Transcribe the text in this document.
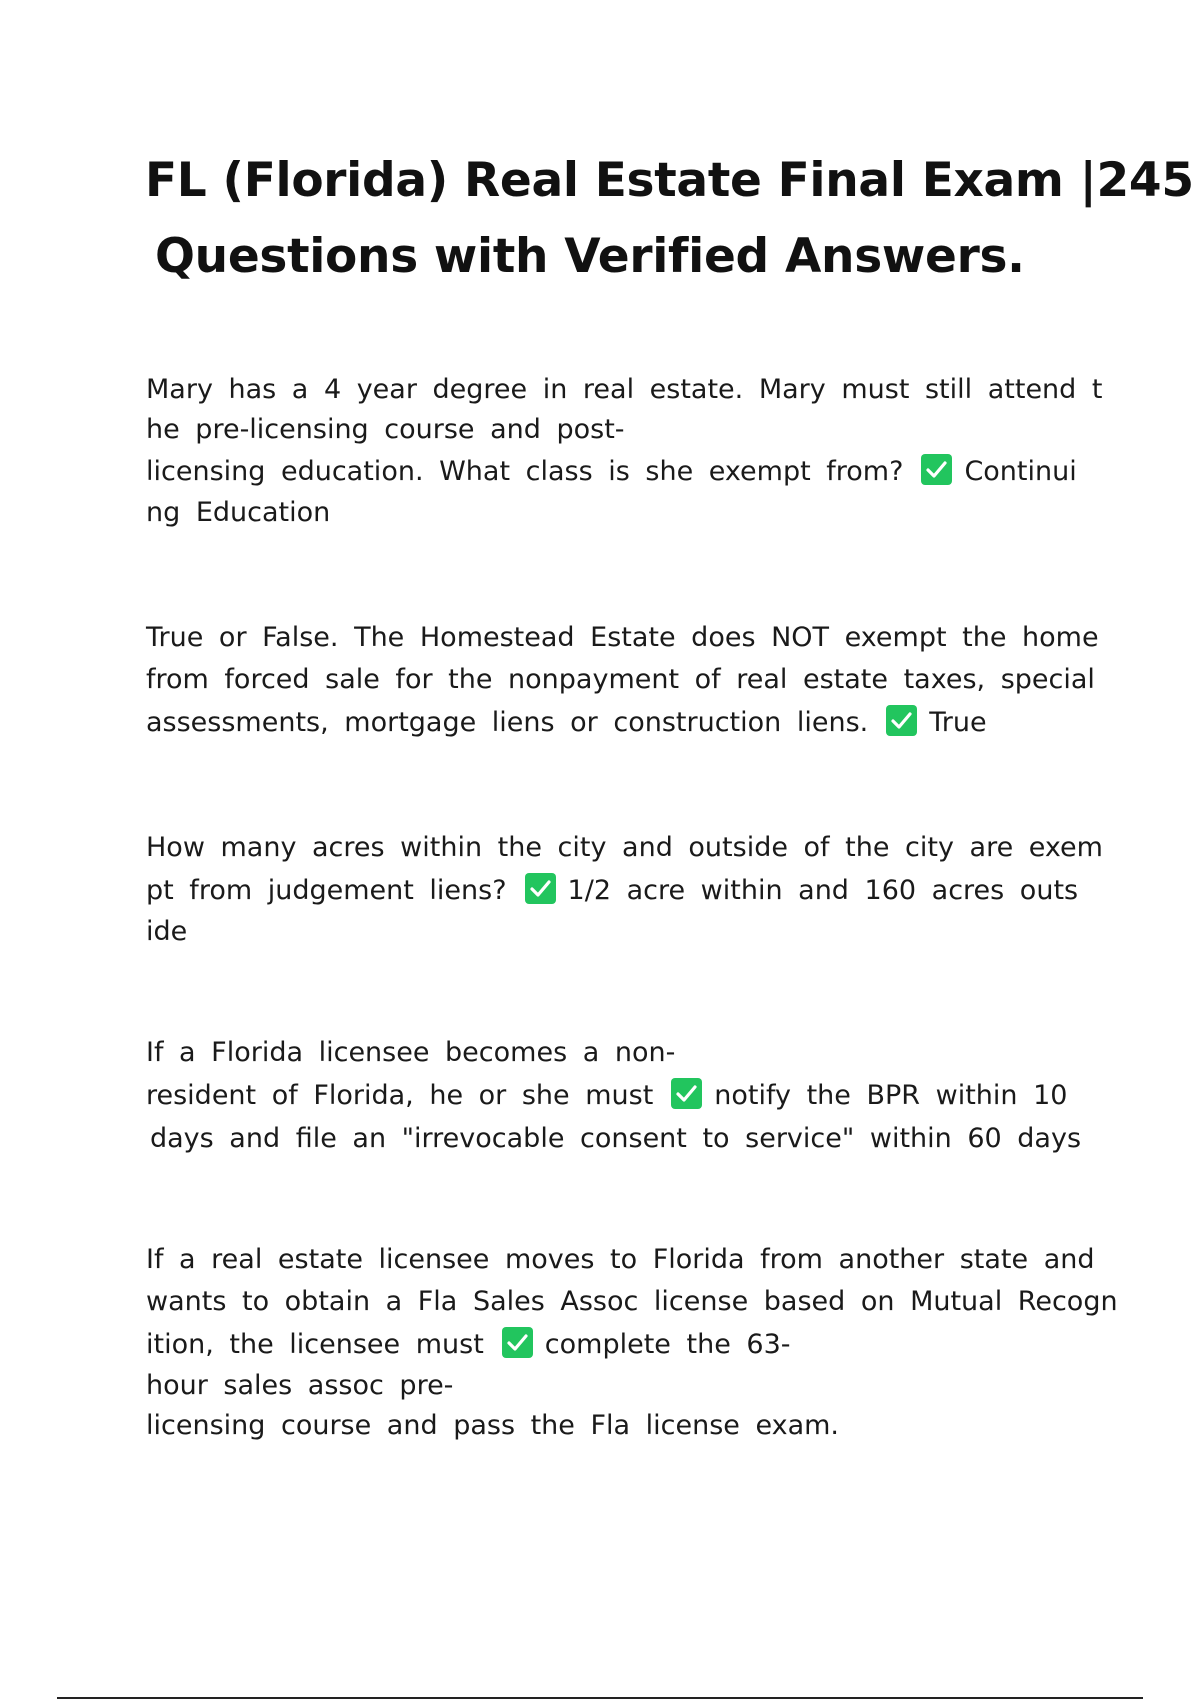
FL (Florida) Real Estate Final Exam |245
Questions with Verified Answers.
Mary has a 4 year degree in real estate. Mary must still attend t
he pre-licensing course and post-
licensing education. What class is she exempt from? Continui
ng Education
True or False. The Homestead Estate does NOT exempt the home
from forced sale for the nonpayment of real estate taxes, special
assessments, mortgage liens or construction liens. True
How many acres within the city and outside of the city are exem
pt from judgement liens? 1/2 acre within and 160 acres outs
ide
If a Florida licensee becomes a non-
resident of Florida, he or she must notify the BPR within 10
days and file an "irrevocable consent to service" within 60 days
If a real estate licensee moves to Florida from another state and
wants to obtain a Fla Sales Assoc license based on Mutual Recogn
ition, the licensee must complete the 63-
hour sales assoc pre-
licensing course and pass the Fla license exam.
